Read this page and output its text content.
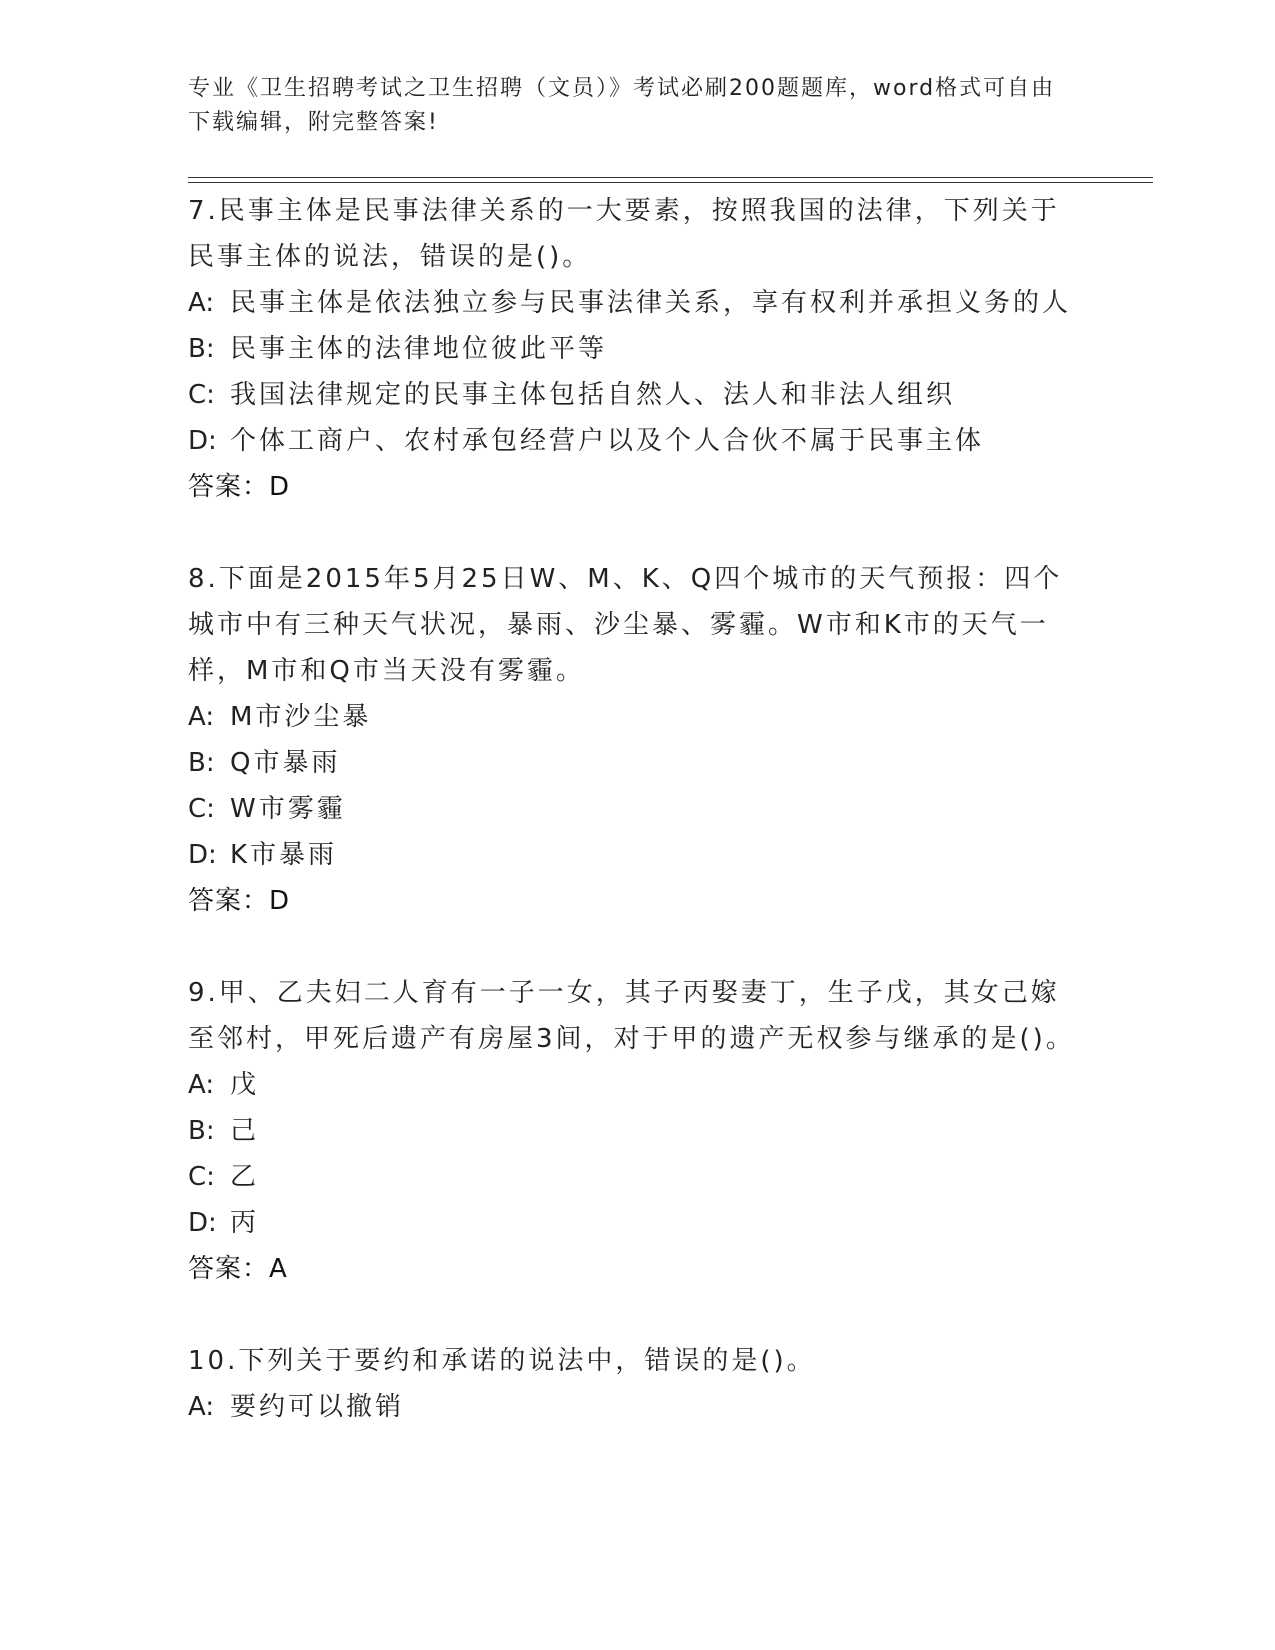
专业《卫生招聘考试之卫生招聘（文员）》考试必刷200题题库，word格式可自由下载编辑，附完整答案!
7.民事主体是民事法律关系的一大要素，按照我国的法律，下列关于民事主体的说法，错误的是()。
A: 民事主体是依法独立参与民事法律关系，享有权利并承担义务的人
B: 民事主体的法律地位彼此平等
C: 我国法律规定的民事主体包括自然人、法人和非法人组织
D: 个体工商户、农村承包经营户以及个人合伙不属于民事主体
答案：D
8.下面是2015年5月25日W、M、K、Q四个城市的天气预报：四个城市中有三种天气状况，暴雨、沙尘暴、雾霾。W市和K市的天气一样，M市和Q市当天没有雾霾。
A: M市沙尘暴
B: Q市暴雨
C: W市雾霾
D: K市暴雨
答案：D
9.甲、乙夫妇二人育有一子一女，其子丙娶妻丁，生子戊，其女己嫁至邻村，甲死后遗产有房屋3间，对于甲的遗产无权参与继承的是()。
A: 戊
B: 己
C: 乙
D: 丙
答案：A
10.下列关于要约和承诺的说法中，错误的是()。
A: 要约可以撤销
